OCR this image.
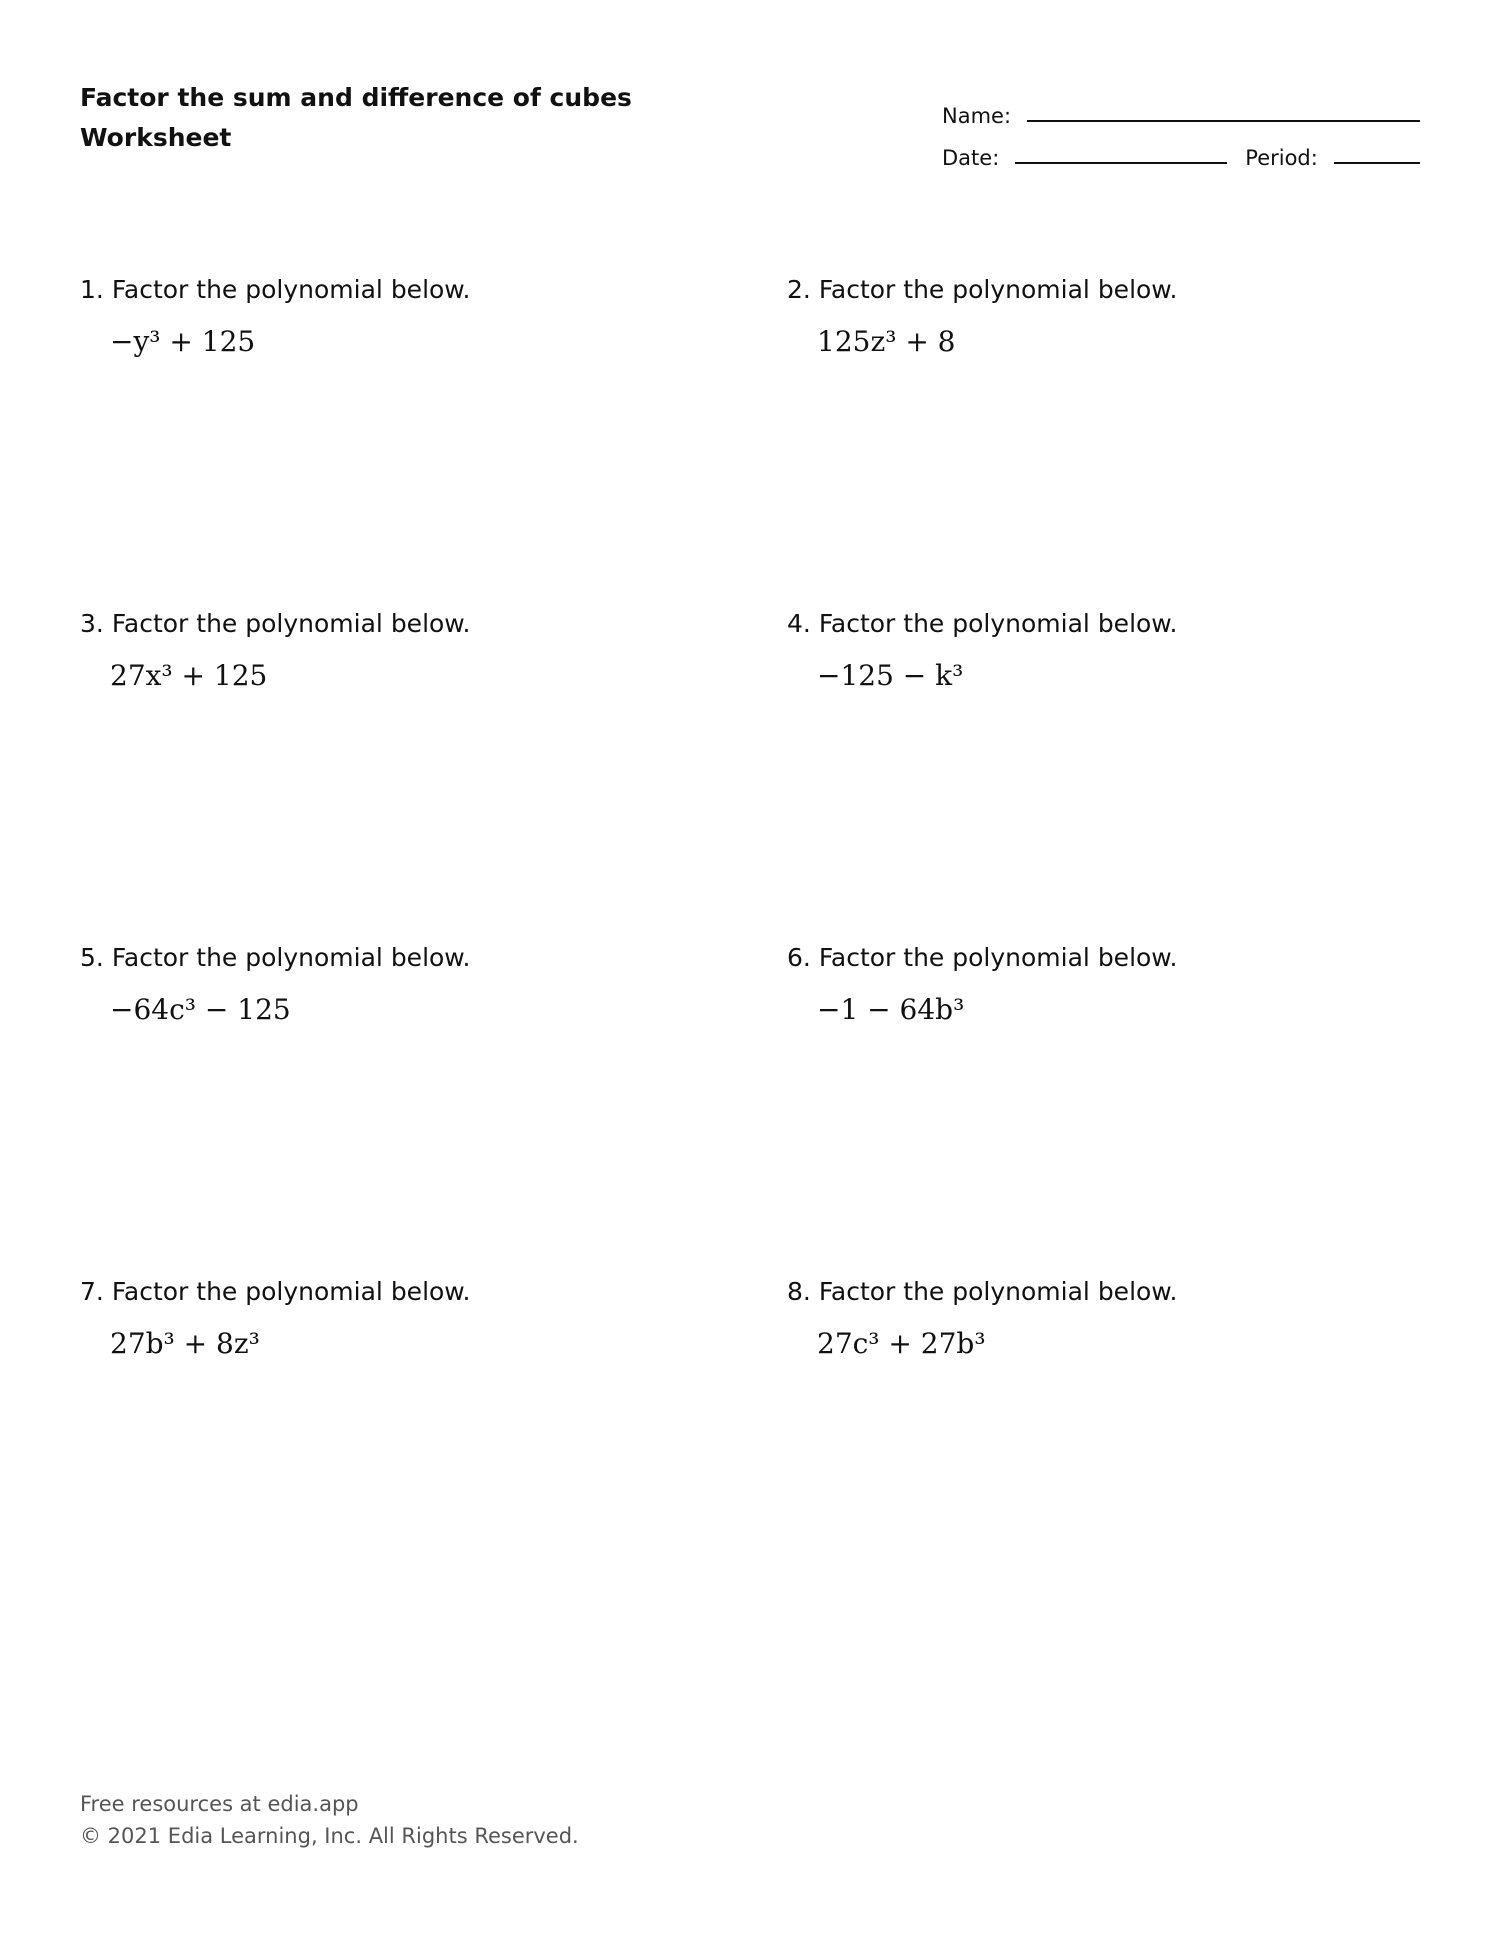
Factor the sum and difference of cubes
Worksheet
Name:
Date:	Period:
1. Factor the polynomial below.
−y³ + 125
2. Factor the polynomial below.
125z³ + 8
3. Factor the polynomial below.
27x³ + 125
4. Factor the polynomial below.
−125 − k³
5. Factor the polynomial below.
−64c³ − 125
6. Factor the polynomial below.
−1 − 64b³
7. Factor the polynomial below.
27b³ + 8z³
8. Factor the polynomial below.
27c³ + 27b³
Free resources at edia.app
© 2021 Edia Learning, Inc. All Rights Reserved.
